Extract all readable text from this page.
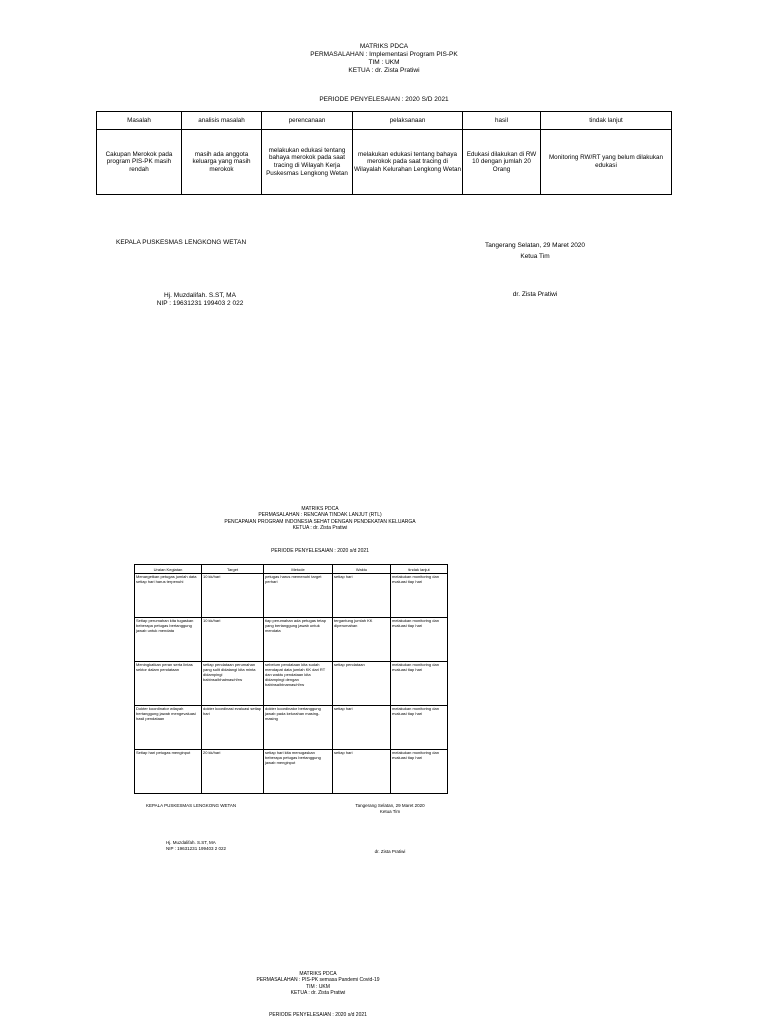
MATRIKS PDCA
PERMASALAHAN : Implementasi Program PIS-PK
TIM : UKM
KETUA : dr. Zista Pratiwi
PERIODE PENYELESAIAN : 2020 S/D 2021
Masalah	analisis masalah	perencanaan	pelaksanaan	hasil	tindak lanjut
Cakupan Merokok pada program PIS-PK masih rendah	masih ada anggota keluarga yang masih merokok	melakukan edukasi tentang bahaya merokok pada saat tracing di Wilayah Kerja Puskesmas Lengkong Wetan	melakukan edukasi tentang bahaya merokok pada saat tracing di Wilayalah Kelurahan Lengkong Wetan	Edukasi dilakukan di RW 10 dengan jumlah 20 Orang	Monitoring RW/RT yang belum dilakukan edukasi
KEPALA PUSKESMAS LENGKONG WETAN
Hj. Muzdalifah. S.ST, MA
NIP : 19631231 199403 2 022
Tangerang Selatan, 29 Maret 2020
Ketua Tim
dr. Zista Pratiwi
MATRIKS PDCA
PERMASALAHAN : RENCANA TINDAK LANJUT (RTL)
PENCAPAIAN PROGRAM INDONESIA SEHAT DENGAN PENDEKATAN KELUARGA
KETUA : dr. Zista Pratiwi
PERIODE PENYELESAIAN : 2020 s/d 2021
Uraian Kegiatan	Target	Metode	Waktu	tindak lanjut
Menargetkan petugas jumlah data setiap hari harus terpenuhi	10 kk/hari	petugas harus memenuhi target perhari	setiap hari	melakukan monitoring dan evaluasi tiap hari
Setiap perumahan kita tugaskan beberapa petugas bertanggung jawab untuk mendata	10 kk/hari	tiap perumahan ada petugas tetap yang bertanggung jawab untuk mendata	tergantung jumlah KK diperumahan	melakukan monitoring dan evaluasi tiap hari
Meningkatkan peran serta lintas sektor dalam pendataan	setiap pendataan perumahan yang sulit didatangi kita minta didampingi babinsa/bhaimas/rt/rw	sebelum pendataan kita sudah mendapat data jumlah KK dari RT dan waktu pendataan kita didampingi dengan babinsa/binamas/rt/rw	setiap pendataan	melakukan monitoring dan evaluasi tiap hari
Dokter koordinator wilayah bertanggung jawab mengevaluasi hasil pendataan	dokter koordinasi evaluasi setiap hari	dokter koordinator bertanggung jawab pada kelurahan masing-masing	setiap hari	melakukan monitoring dan evaluasi tiap hari
Setiap hari petugas menginput	20 kk/hari	setiap hari kita menugaskan beberapa petugas bertanggung jawab menginput	setiap hari	melakukan monitoring dan evaluasi tiap hari
KEPALA PUSKESMAS LENGKONG WETAN
Hj. Muzdalifah. S.ST, MA
NIP : 19631231 199403 2 022
Tangerang Selatan, 29 Maret 2020
Ketua Tim
dr. Zista Pratiwi
MATRIKS PDCA
PERMASALAHAN : PIS-PK semasa Pandemi Covid-19
TIM : UKM
KETUA : dr. Zista Pratiwi
PERIODE PENYELESAIAN : 2020 s/d 2021
